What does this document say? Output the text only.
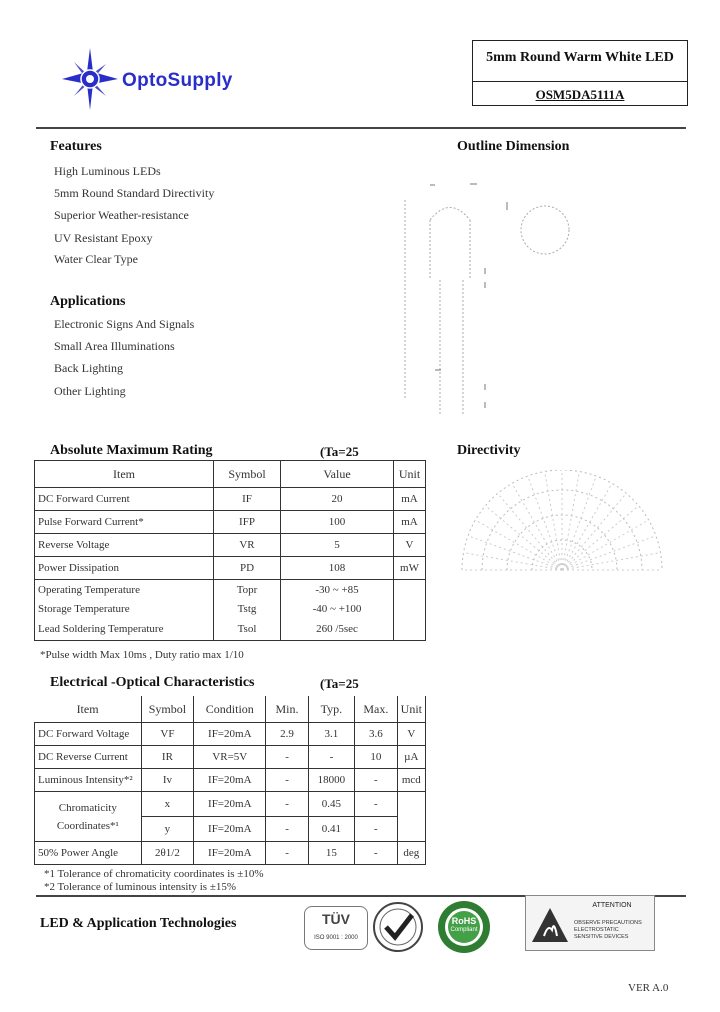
OptoSupply
5mm Round Warm White LED
OSM5DA5111A
Features
High Luminous LEDs
5mm Round Standard Directivity
Superior Weather-resistance
UV Resistant Epoxy
Water Clear Type
Applications
Electronic Signs And Signals
Small Area Illuminations
Back Lighting
Other Lighting
Outline Dimension
Directivity
Absolute Maximum Rating	(Ta=25
Item	Symbol	Value	Unit
DC Forward Current	IF	20	mA
Pulse Forward Current*	IFP	100	mA
Reverse Voltage	VR	5	V
Power Dissipation	PD	108	mW
Operating Temperature	Topr	-30 ~ +85	
Storage Temperature	Tstg	-40 ~ +100	
Lead Soldering Temperature	Tsol	260 /5sec	
*Pulse width Max 10ms , Duty ratio max 1/10
Electrical -Optical Characteristics	(Ta=25
Item	Symbol	Condition	Min.	Typ.	Max.	Unit
DC Forward Voltage	VF	IF=20mA	2.9	3.1	3.6	V
DC Reverse Current	IR	VR=5V	-	-	10	µA
Luminous Intensity*²	Iv	IF=20mA	-	18000	-	mcd

Chromaticity
Coordinates*¹	x	IF=20mA	-	0.45	-	
	y	IF=20mA	-	0.41	-	
50% Power Angle	2θ1/2	IF=20mA	-	15	-	deg
*1 Tolerance of chromaticity coordinates is ±10%
*2 Tolerance of luminous intensity is ±15%
LED & Application Technologies	TÜV
ISO 9001 : 2000
RoHS
Compliant
ATTENTION
OBSERVE PRECAUTIONS
ELECTROSTATIC
SENSITIVE DEVICES
VER A.0
